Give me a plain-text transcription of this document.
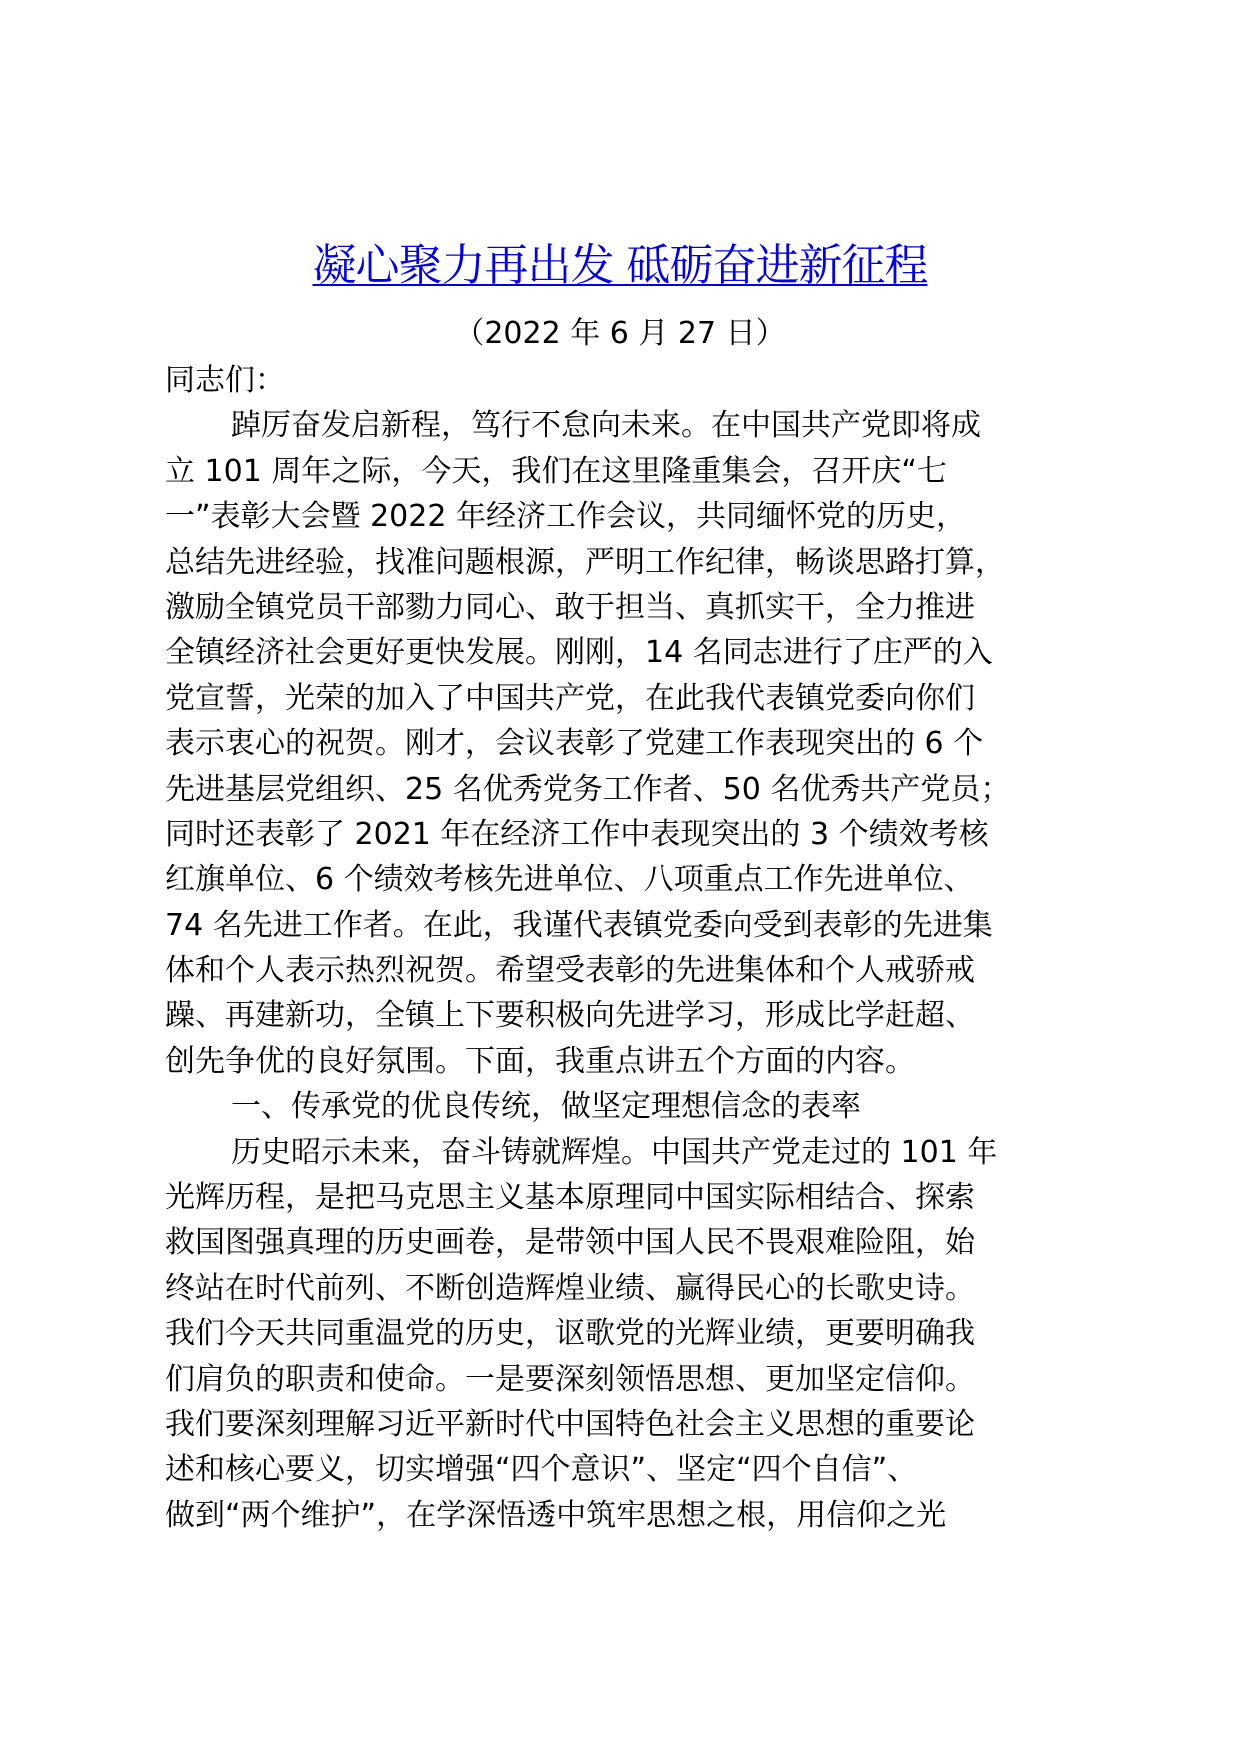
凝心聚力再出发 砥砺奋进新征程
（2022 年 6 月 27 日）
同志们：
踔厉奋发启新程，笃行不怠向未来。在中国共产党即将成
立 101 周年之际，今天，我们在这里隆重集会，召开庆“七
一”表彰大会暨 2022 年经济工作会议，共同缅怀党的历史，
总结先进经验，找准问题根源，严明工作纪律，畅谈思路打算，
激励全镇党员干部勠力同心、敢于担当、真抓实干，全力推进
全镇经济社会更好更快发展。刚刚，14 名同志进行了庄严的入
党宣誓，光荣的加入了中国共产党，在此我代表镇党委向你们
表示衷心的祝贺。刚才，会议表彰了党建工作表现突出的 6 个
先进基层党组织、25 名优秀党务工作者、50 名优秀共产党员；
同时还表彰了 2021 年在经济工作中表现突出的 3 个绩效考核
红旗单位、6 个绩效考核先进单位、八项重点工作先进单位、
74 名先进工作者。在此，我谨代表镇党委向受到表彰的先进集
体和个人表示热烈祝贺。希望受表彰的先进集体和个人戒骄戒
躁、再建新功，全镇上下要积极向先进学习，形成比学赶超、
创先争优的良好氛围。下面，我重点讲五个方面的内容。
一、传承党的优良传统，做坚定理想信念的表率
历史昭示未来，奋斗铸就辉煌。中国共产党走过的 101 年
光辉历程，是把马克思主义基本原理同中国实际相结合、探索
救国图强真理的历史画卷，是带领中国人民不畏艰难险阻，始
终站在时代前列、不断创造辉煌业绩、赢得民心的长歌史诗。
我们今天共同重温党的历史，讴歌党的光辉业绩，更要明确我
们肩负的职责和使命。一是要深刻领悟思想、更加坚定信仰。
我们要深刻理解习近平新时代中国特色社会主义思想的重要论
述和核心要义，切实增强“四个意识”、坚定“四个自信”、
做到“两个维护”，在学深悟透中筑牢思想之根，用信仰之光
